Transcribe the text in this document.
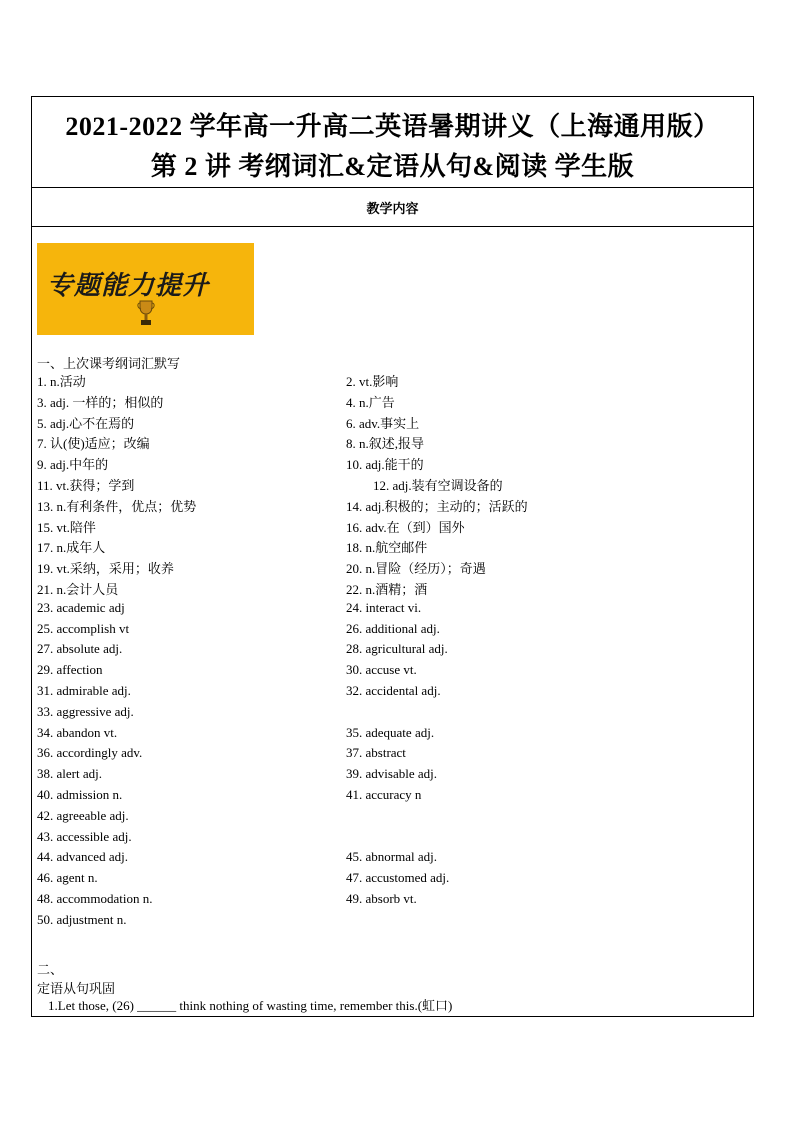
2021-2022 学年高一升高二英语暑期讲义（上海通用版）
第 2 讲 考纲词汇&定语从句&阅读 学生版
教学内容
专题能力提升
一、上次课考纲词汇默写
1. n.活动	2. vt.影响
3. adj. 一样的；相似的	4. n.广告
5. adj.心不在焉的	6. adv.事实上
7. 认(使)适应；改编	8. n.叙述,报导
9. adj.中年的	10. adj.能干的
11. vt.获得；学到	12. adj.装有空调设备的
13. n.有利条件，优点；优势	14. adj.积极的；主动的；活跃的
15. vt.陪伴	16. adv.在（到）国外
17. n.成年人	18. n.航空邮件
19. vt.采纳，采用；收养	20. n.冒险（经历）；奇遇
21. n.会计人员	22. n.酒精；酒
23. academic adj	24. interact vi.
25. accomplish vt	26. additional adj.
27. absolute adj.	28. agricultural adj.
29. affection	30. accuse vt.
31. admirable adj.	32. accidental adj.
33. aggressive adj.
34. abandon vt.	35. adequate adj.
36. accordingly adv.	37. abstract
38. alert adj.	39. advisable adj.
40. admission n.	41. accuracy n
42. agreeable adj.
43. accessible adj.
44. advanced adj.	45. abnormal adj.
46. agent n.	47. accustomed adj.
48. accommodation n.	49. absorb vt.
50. adjustment n.
二、
定语从句巩固
1.Let those, (26) ______ think nothing of wasting time, remember this.(虹口)
